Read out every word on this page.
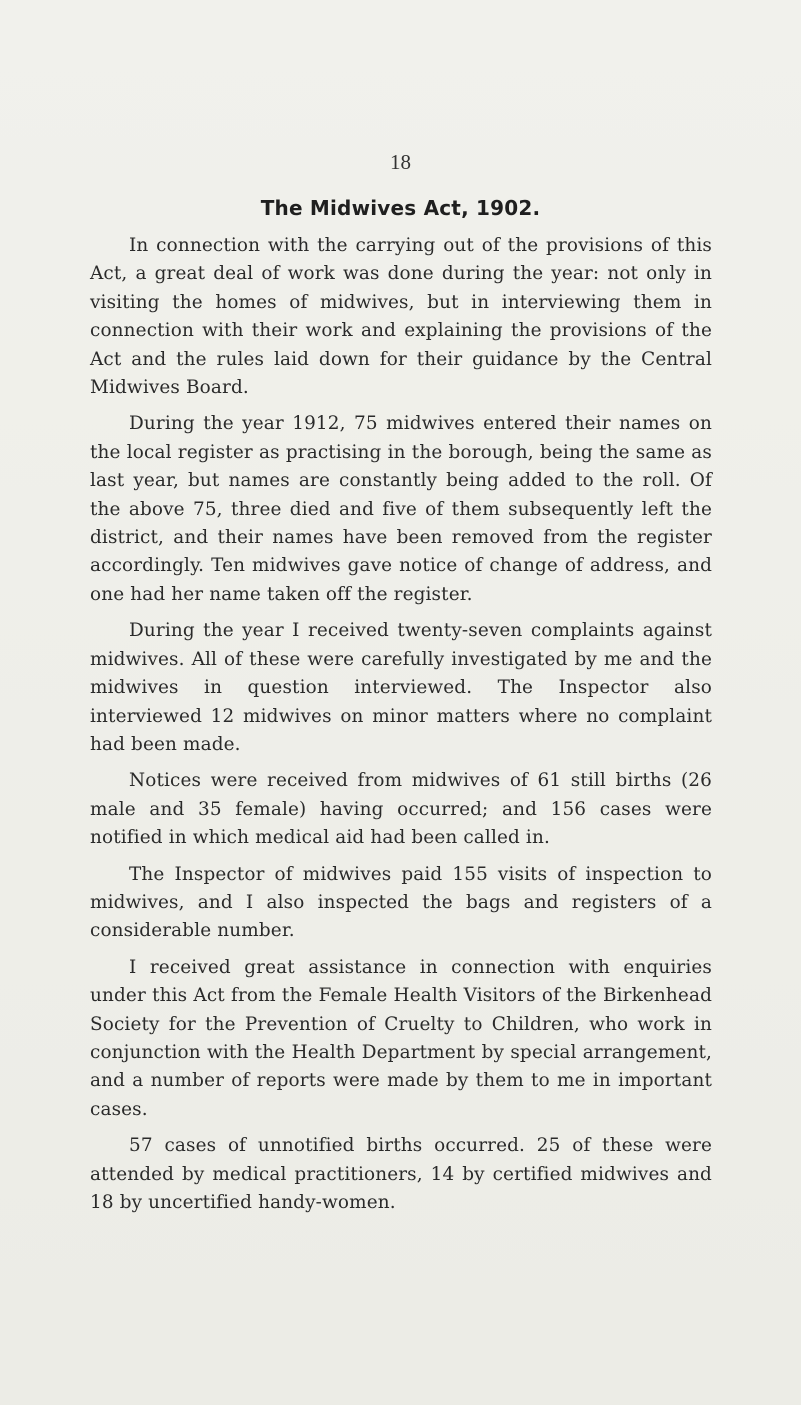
18
The Midwives Act, 1902.

In connection with the carrying out of the provisions of this Act, a great deal of work was done during the year: not only in visiting the homes of midwives, but in interviewing them in connection with their work and explaining the provisions of the Act and the rules laid down for their guidance by the Central Midwives Board.

During the year 1912, 75 midwives entered their names on the local register as practising in the borough, being the same as last year, but names are constantly being added to the roll. Of the above 75, three died and five of them subsequently left the district, and their names have been removed from the register accordingly. Ten midwives gave notice of change of address, and one had her name taken off the register.

During the year I received twenty-seven complaints against midwives. All of these were carefully investigated by me and the midwives in question interviewed. The Inspector also interviewed 12 midwives on minor matters where no complaint had been made.

Notices were received from midwives of 61 still births (26 male and 35 female) having occurred; and 156 cases were notified in which medical aid had been called in.

The Inspector of midwives paid 155 visits of inspection to midwives, and I also inspected the bags and registers of a considerable number.

I received great assistance in connection with enquiries under this Act from the Female Health Visitors of the Birkenhead Society for the Prevention of Cruelty to Children, who work in conjunction with the Health Department by special arrangement, and a number of reports were made by them to me in important cases.

57 cases of unnotified births occurred. 25 of these were attended by medical practitioners, 14 by certified midwives and 18 by uncertified handy-women.
